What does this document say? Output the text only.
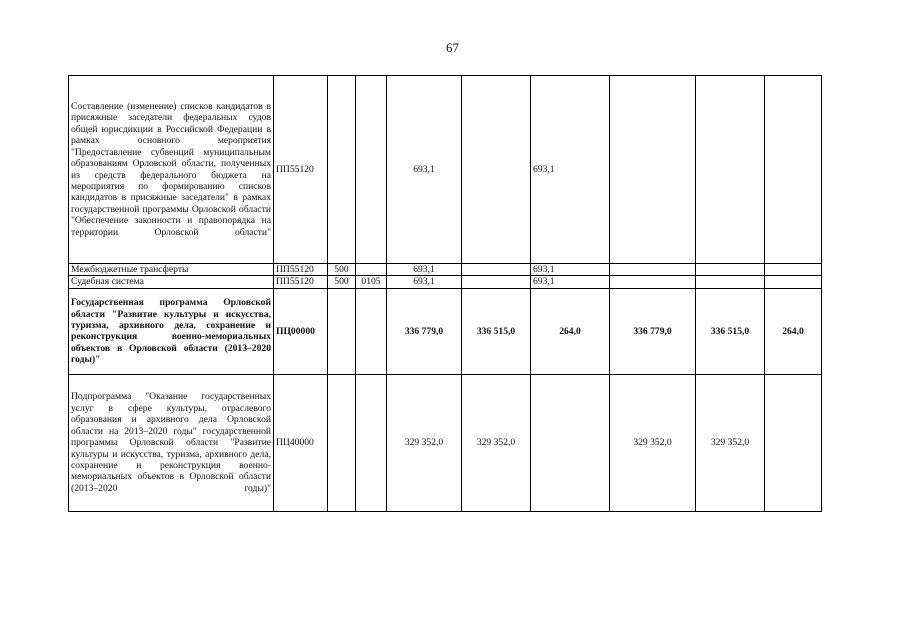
67
Составление (изменение) списков кандидатов в присяжные заседатели федеральных судов общей юрисдикции в Российской Федерации в рамках основного мероприятия "Предоставление субвенций муниципальным образованиям Орловской области, полученных из средств федерального бюджета на мероприятия по формированию списков кандидатов в присяжные заседатели" в рамках государственной программы Орловской области "Обеспечение законности и правопорядка на территории Орловской области"	ПП55120			693,1		693,1			
Межбюджетные трансферты	ПП55120	500		693,1		693,1			
Судебная система	ПП55120	500	0105	693,1		693,1			
Государственная программа Орловской области "Развитие культуры и искусства, туризма, архивного дела, сохранение и реконструкция военно-мемориальных объектов в Орловской области (2013–2020 годы)"	ПЦ00000			336 779,0	336 515,0	264,0	336 779,0	336 515,0	264,0
Подпрограмма "Оказание государственных услуг в сфере культуры, отраслевого образования и архивного дела Орловской области на 2013–2020 годы" государственной программы Орловской области "Развитие культуры и искусства, туризма, архивного дела, сохранение и реконструкция военно-мемориальных объектов в Орловской области (2013–2020 годы)"	ПЦ40000			329 352,0	329 352,0		329 352,0	329 352,0	
